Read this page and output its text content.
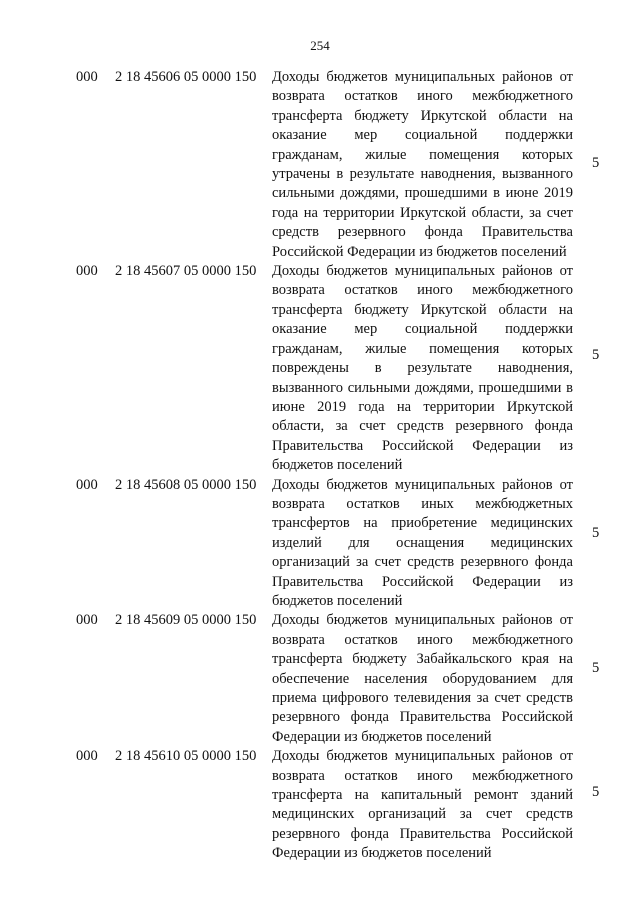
254
000 2 18 45606 05 0000 150 Доходы бюджетов муниципальных районов от возврата остатков иного межбюджетного трансферта бюджету Иркутской области на оказание мер социальной поддержки гражданам, жилые помещения которых утрачены в результате наводнения, вызванного сильными дождями, прошедшими в июне 2019 года на территории Иркутской области, за счет средств резервного фонда Правительства Российской Федерации из бюджетов поселений
5
000 2 18 45607 05 0000 150 Доходы бюджетов муниципальных районов от возврата остатков иного межбюджетного трансферта бюджету Иркутской области на оказание мер социальной поддержки гражданам, жилые помещения которых повреждены в результате наводнения, вызванного сильными дождями, прошедшими в июне 2019 года на территории Иркутской области, за счет средств резервного фонда Правительства Российской Федерации из бюджетов поселений
5
000 2 18 45608 05 0000 150 Доходы бюджетов муниципальных районов от возврата остатков иных межбюджетных трансфертов на приобретение медицинских изделий для оснащения медицинских организаций за счет средств резервного фонда Правительства Российской Федерации из бюджетов поселений
5
000 2 18 45609 05 0000 150 Доходы бюджетов муниципальных районов от возврата остатков иного межбюджетного трансферта бюджету Забайкальского края на обеспечение населения оборудованием для приема цифрового телевидения за счет средств резервного фонда Правительства Российской Федерации из бюджетов поселений
5
000 2 18 45610 05 0000 150 Доходы бюджетов муниципальных районов от возврата остатков иного межбюджетного трансферта на капитальный ремонт зданий медицинских организаций за счет средств резервного фонда Правительства Российской Федерации из бюджетов поселений
5
